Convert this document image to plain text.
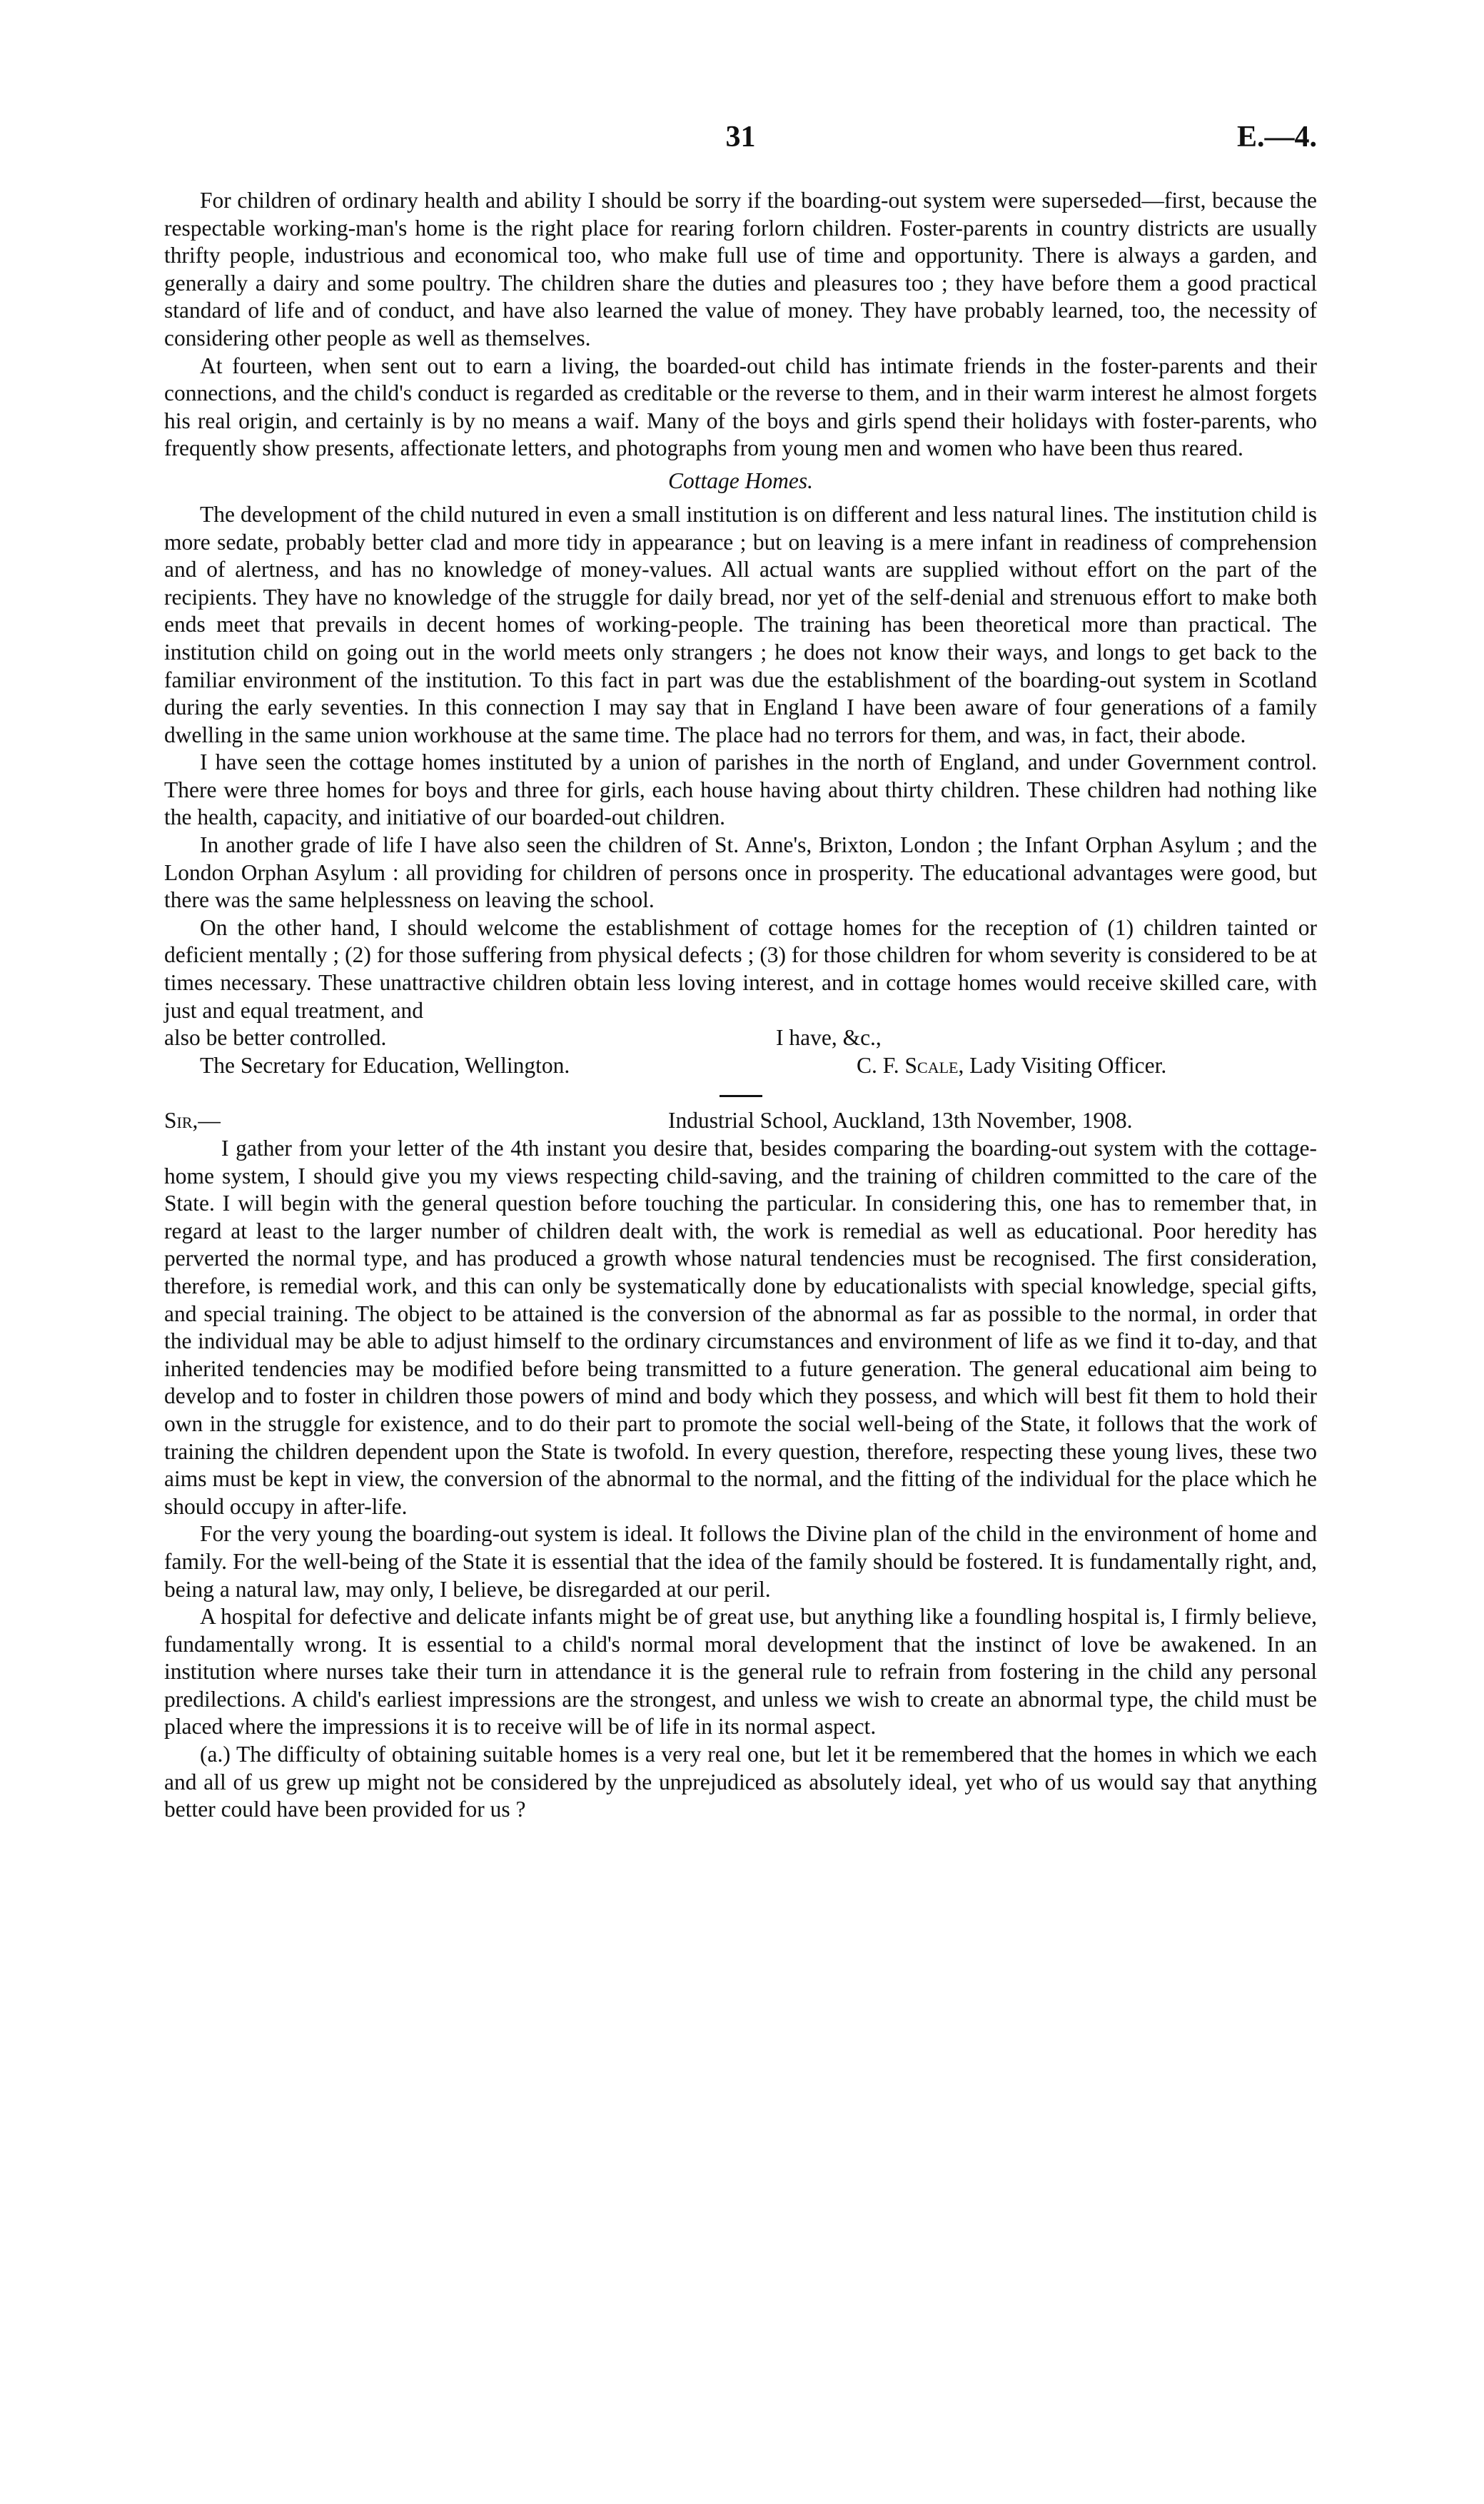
31	E.—4.

For children of ordinary health and ability I should be sorry if the boarding-out system were superseded—first, because the respectable working-man's home is the right place for rearing forlorn children. Foster-parents in country districts are usually thrifty people, industrious and economical too, who make full use of time and opportunity. There is always a garden, and generally a dairy and some poultry. The children share the duties and pleasures too ; they have before them a good practical standard of life and of conduct, and have also learned the value of money. They have probably learned, too, the necessity of considering other people as well as themselves.

At fourteen, when sent out to earn a living, the boarded-out child has intimate friends in the foster-parents and their connections, and the child's conduct is regarded as creditable or the reverse to them, and in their warm interest he almost forgets his real origin, and certainly is by no means a waif. Many of the boys and girls spend their holidays with foster-parents, who frequently show presents, affectionate letters, and photographs from young men and women who have been thus reared.

Cottage Homes.

The development of the child nutured in even a small institution is on different and less natural lines. The institution child is more sedate, probably better clad and more tidy in appearance ; but on leaving is a mere infant in readiness of comprehension and of alertness, and has no knowledge of money-values. All actual wants are supplied without effort on the part of the recipients. They have no knowledge of the struggle for daily bread, nor yet of the self-denial and strenuous effort to make both ends meet that prevails in decent homes of working-people. The training has been theoretical more than practical. The institution child on going out in the world meets only strangers ; he does not know their ways, and longs to get back to the familiar environment of the institution. To this fact in part was due the establishment of the boarding-out system in Scotland during the early seventies. In this connection I may say that in England I have been aware of four generations of a family dwelling in the same union workhouse at the same time. The place had no terrors for them, and was, in fact, their abode.

I have seen the cottage homes instituted by a union of parishes in the north of England, and under Government control. There were three homes for boys and three for girls, each house having about thirty children. These children had nothing like the health, capacity, and initiative of our boarded-out children.

In another grade of life I have also seen the children of St. Anne's, Brixton, London ; the Infant Orphan Asylum ; and the London Orphan Asylum : all providing for children of persons once in prosperity. The educational advantages were good, but there was the same helplessness on leaving the school.

On the other hand, I should welcome the establishment of cottage homes for the reception of (1) children tainted or deficient mentally ; (2) for those suffering from physical defects ; (3) for those children for whom severity is considered to be at times necessary. These unattractive children obtain less loving interest, and in cottage homes would receive skilled care, with just and equal treatment, and

also be better controlled.	I have, &c.,
The Secretary for Education, Wellington.	C. F. Scale, Lady Visiting Officer.
Sir,—	Industrial School, Auckland, 13th November, 1908.

I gather from your letter of the 4th instant you desire that, besides comparing the boarding-out system with the cottage-home system, I should give you my views respecting child-saving, and the training of children committed to the care of the State. I will begin with the general question before touching the particular. In considering this, one has to remember that, in regard at least to the larger number of children dealt with, the work is remedial as well as educational. Poor heredity has perverted the normal type, and has produced a growth whose natural tendencies must be recognised. The first consideration, therefore, is remedial work, and this can only be systematically done by educationalists with special knowledge, special gifts, and special training. The object to be attained is the conversion of the abnormal as far as possible to the normal, in order that the individual may be able to adjust himself to the ordinary circumstances and environment of life as we find it to-day, and that inherited tendencies may be modified before being transmitted to a future generation. The general educational aim being to develop and to foster in children those powers of mind and body which they possess, and which will best fit them to hold their own in the struggle for existence, and to do their part to promote the social well-being of the State, it follows that the work of training the children dependent upon the State is twofold. In every question, therefore, respecting these young lives, these two aims must be kept in view, the conversion of the abnormal to the normal, and the fitting of the individual for the place which he should occupy in after-life.

For the very young the boarding-out system is ideal. It follows the Divine plan of the child in the environment of home and family. For the well-being of the State it is essential that the idea of the family should be fostered. It is fundamentally right, and, being a natural law, may only, I believe, be disregarded at our peril.

A hospital for defective and delicate infants might be of great use, but anything like a foundling hospital is, I firmly believe, fundamentally wrong. It is essential to a child's normal moral development that the instinct of love be awakened. In an institution where nurses take their turn in attendance it is the general rule to refrain from fostering in the child any personal predilections. A child's earliest impressions are the strongest, and unless we wish to create an abnormal type, the child must be placed where the impressions it is to receive will be of life in its normal aspect.

(a.) The difficulty of obtaining suitable homes is a very real one, but let it be remembered that the homes in which we each and all of us grew up might not be considered by the unprejudiced as absolutely ideal, yet who of us would say that anything better could have been provided for us ?
